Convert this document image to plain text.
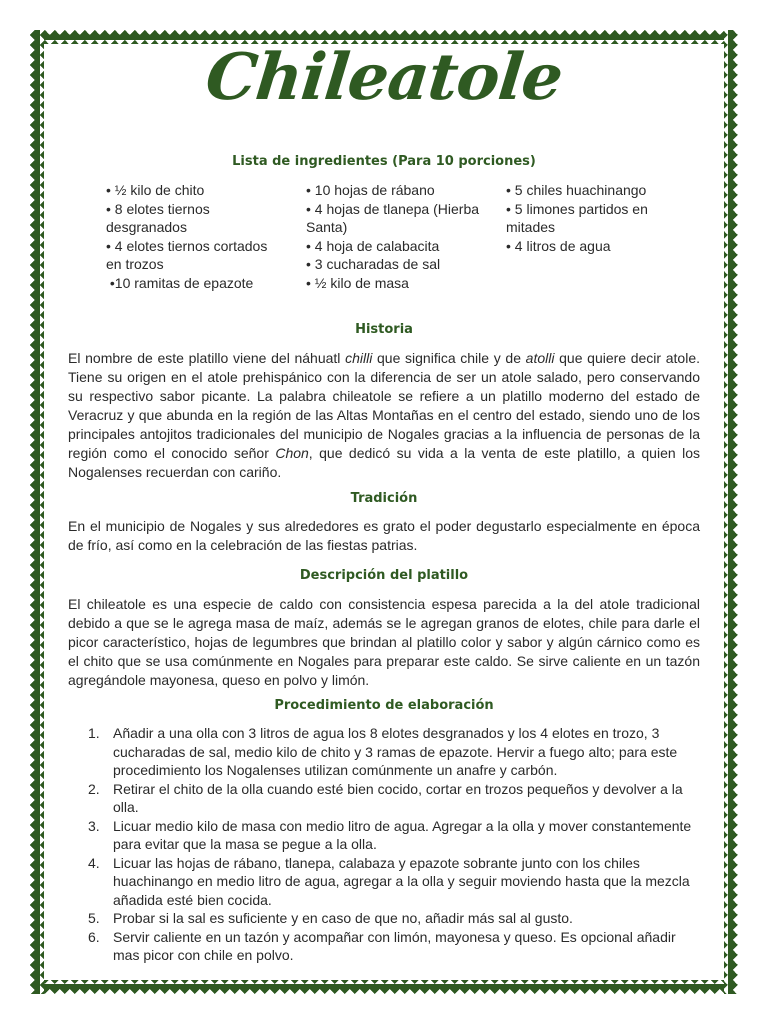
Chileatole
Lista de ingredientes (Para 10 porciones)
• ½ kilo de chito
• 8 elotes tiernos desgranados
• 4 elotes tiernos cortados en trozos
•10 ramitas de epazote
• 10 hojas de rábano
• 4 hojas de tlanepa (Hierba Santa)
• 4 hoja de calabacita
• 3 cucharadas de sal
• ½ kilo de masa
• 5 chiles huachinango
• 5 limones partidos en mitades
• 4 litros de agua
Historia

El nombre de este platillo viene del náhuatl chilli que significa chile y de atolli que quiere decir atole. Tiene su origen en el atole prehispánico con la diferencia de ser un atole salado, pero conservando su respectivo sabor picante. La palabra chileatole se refiere a un platillo moderno del estado de Veracruz y que abunda en la región de las Altas Montañas en el centro del estado, siendo uno de los principales antojitos tradicionales del municipio de Nogales gracias a la influencia de personas de la región como el conocido señor Chon, que dedicó su vida a la venta de este platillo, a quien los Nogalenses recuerdan con cariño.

Tradición

En el municipio de Nogales y sus alrededores es grato el poder degustarlo especialmente en época de frío, así como en la celebración de las fiestas patrias.

Descripción del platillo

El chileatole es una especie de caldo con consistencia espesa parecida a la del atole tradicional debido a que se le agrega masa de maíz, además se le agregan granos de elotes, chile para darle el picor característico, hojas de legumbres que brindan al platillo color y sabor y algún cárnico como es el chito que se usa comúnmente en Nogales para preparar este caldo. Se sirve caliente en un tazón agregándole mayonesa, queso en polvo y limón.

Procedimiento de elaboración
1. Añadir a una olla con 3 litros de agua los 8 elotes desgranados y los 4 elotes en trozo, 3 cucharadas de sal, medio kilo de chito y 3 ramas de epazote. Hervir a fuego alto; para este procedimiento los Nogalenses utilizan comúnmente un anafre y carbón.
2. Retirar el chito de la olla cuando esté bien cocido, cortar en trozos pequeños y devolver a la olla.
3. Licuar medio kilo de masa con medio litro de agua. Agregar a la olla y mover constantemente para evitar que la masa se pegue a la olla.
4. Licuar las hojas de rábano, tlanepa, calabaza y epazote sobrante junto con los chiles huachinango en medio litro de agua, agregar a la olla y seguir moviendo hasta que la mezcla añadida esté bien cocida.
5. Probar si la sal es suficiente y en caso de que no, añadir más sal al gusto.
6. Servir caliente en un tazón y acompañar con limón, mayonesa y queso. Es opcional añadir mas picor con chile en polvo.
